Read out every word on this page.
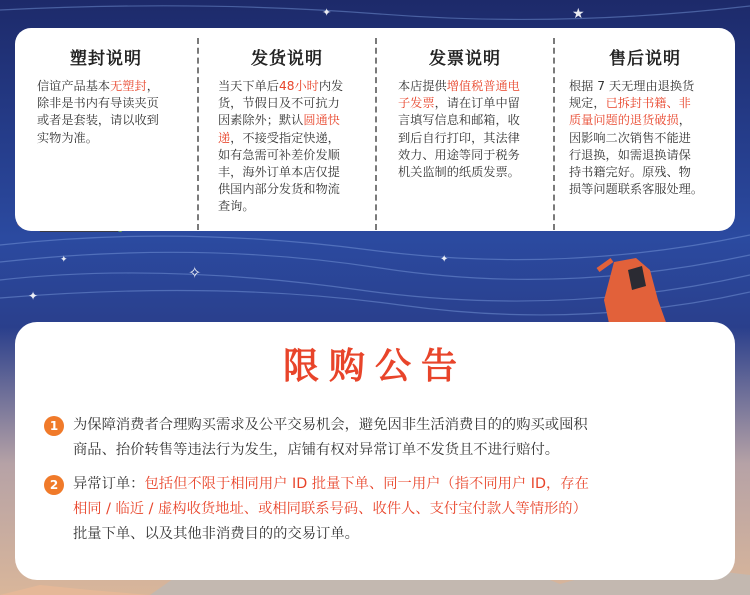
★
✦
✦
✧
✦
✦
塑封说明

信谊产品基本无塑封，
除非是书内有导读夹页
或者是套装，请以收到
实物为准。

发货说明

当天下单后48小时内发
货，节假日及不可抗力
因素除外；默认圆通快
递，不接受指定快递，
如有急需可补差价发顺
丰，海外订单本店仅提
供国内部分发货和物流
查询。

发票说明

本店提供增值税普通电
子发票，请在订单中留
言填写信息和邮箱，收
到后自行打印，其法律
效力、用途等同于税务
机关监制的纸质发票。

售后说明

根据 7 天无理由退换货
规定，已拆封书籍、非
质量问题的退货破损，
因影响二次销售不能进
行退换，如需退换请保
持书籍完好。原残、物
损等问题联系客服处理。

限购公告
1	为保障消费者合理购买需求及公平交易机会，避免因非生活消费目的的购买或囤积
商品、抬价转售等违法行为发生，店铺有权对异常订单不发货且不进行赔付。
2	异常订单：包括但不限于相同用户 ID 批量下单、同一用户（指不同用户 ID，存在
相同 / 临近 / 虚构收货地址、或相同联系号码、收件人、支付宝付款人等情形的）
批量下单、以及其他非消费目的的交易订单。
